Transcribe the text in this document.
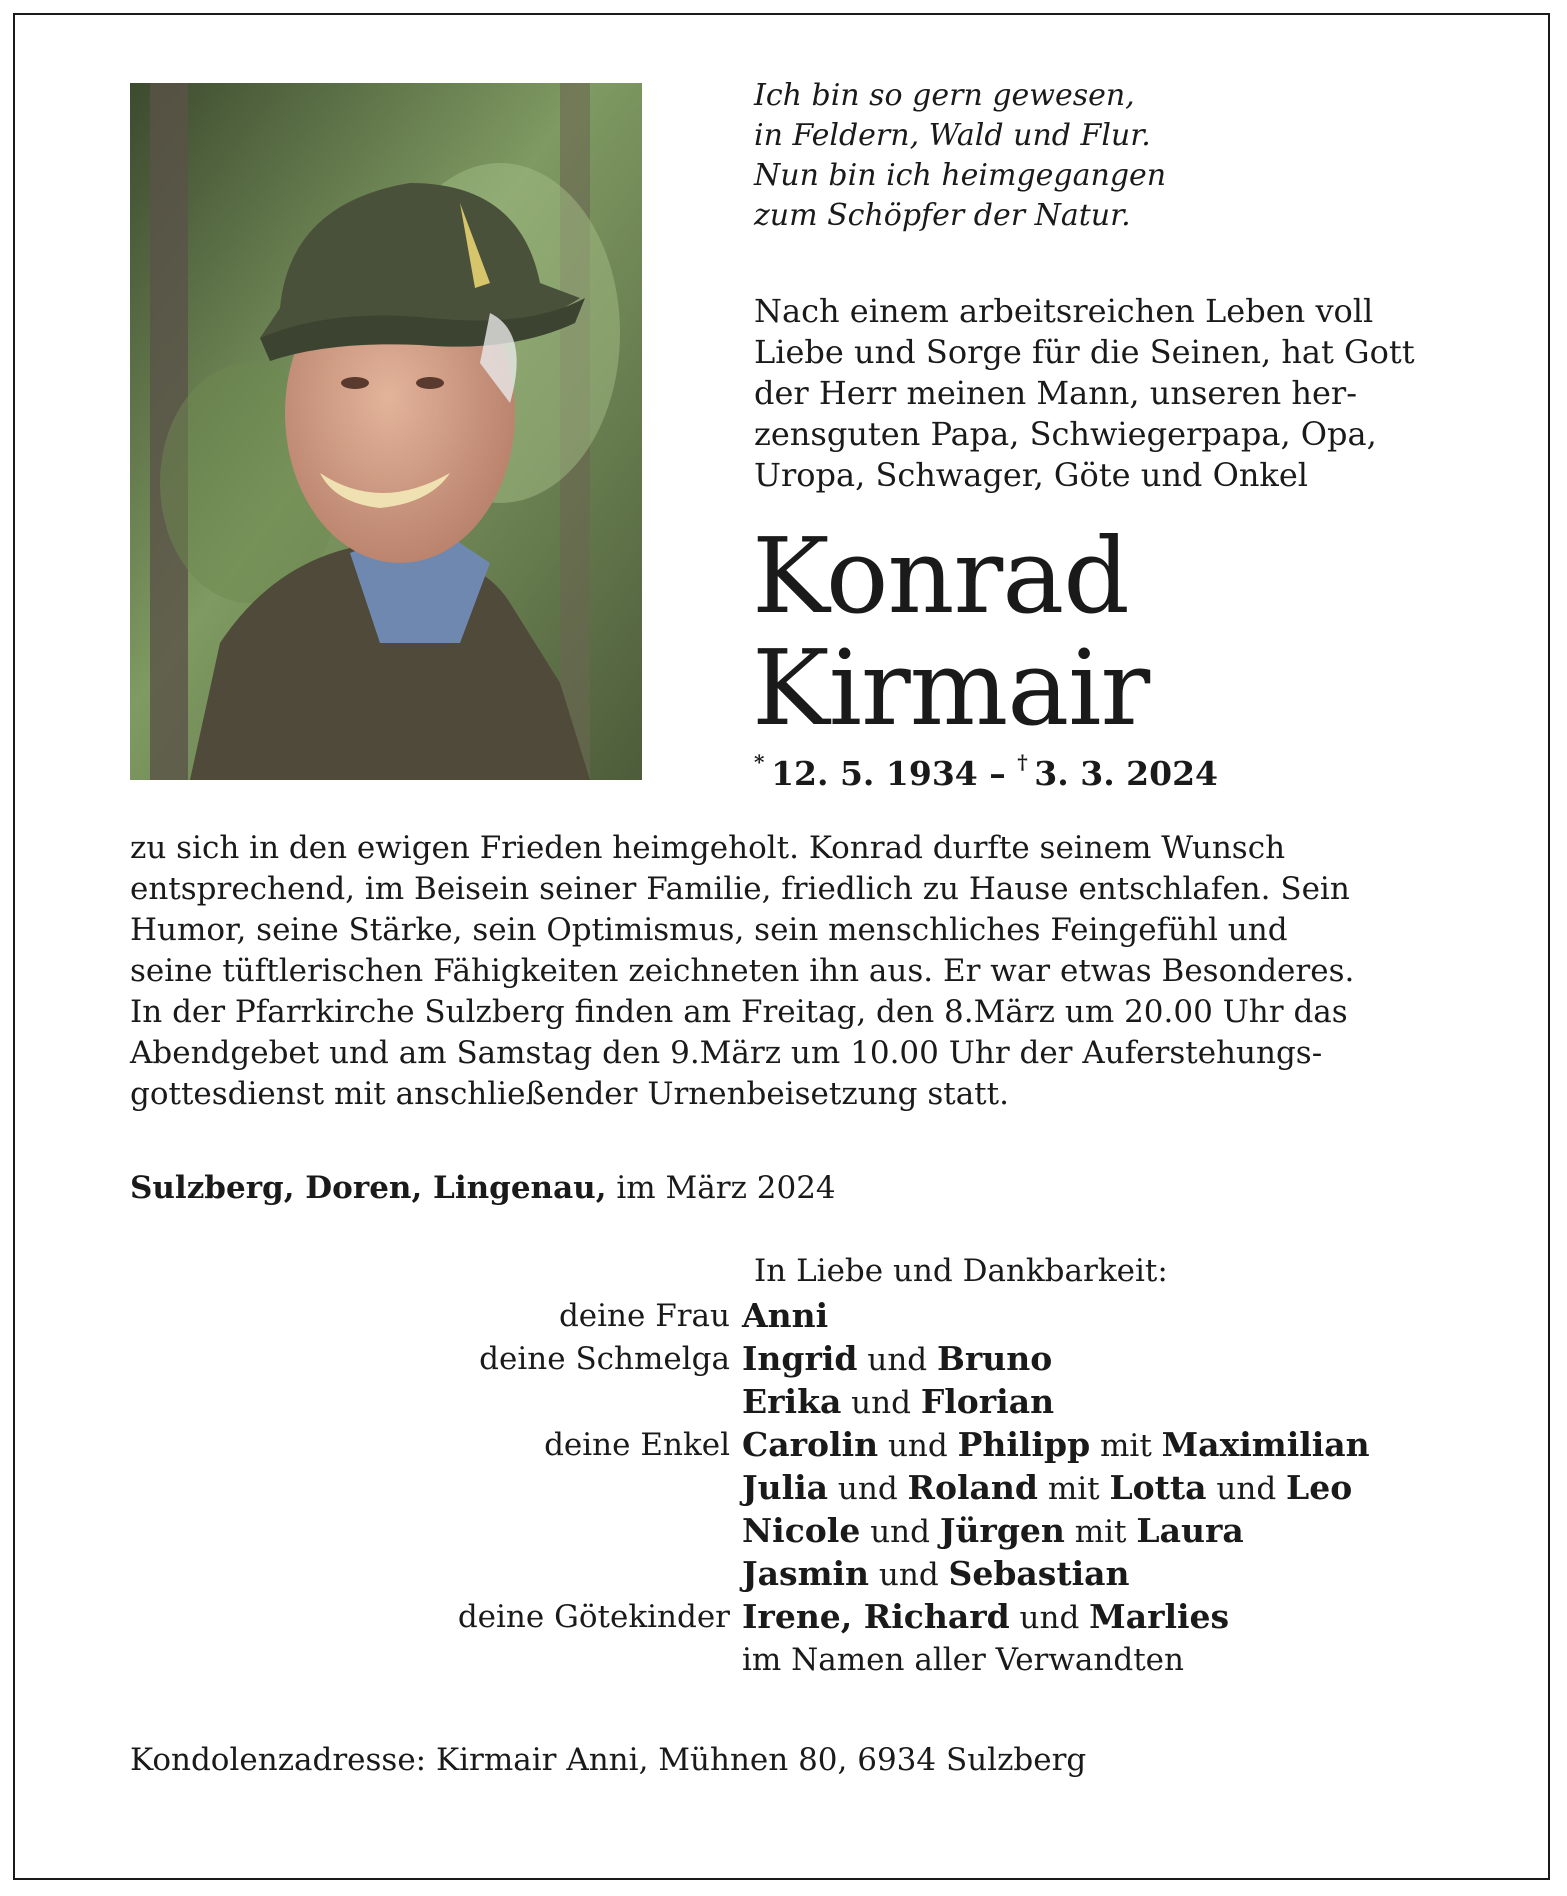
Ich bin so gern gewesen,
in Feldern, Wald und Flur.
Nun bin ich heimgegangen
zum Schöpfer der Natur.
Nach einem arbeitsreichen Leben voll
Liebe und Sorge für die Seinen, hat Gott
der Herr meinen Mann, unseren her-
zensguten Papa, Schwiegerpapa, Opa,
Uropa, Schwager, Göte und Onkel
Konrad
Kirmair
*  12. 5. 1934 – †  3. 3. 2024
zu sich in den ewigen Frieden heimgeholt. Konrad durfte seinem Wunsch
entsprechend, im Beisein seiner Familie, friedlich zu Hause entschlafen. Sein
Humor, seine Stärke, sein Optimismus, sein menschliches Feingefühl und
seine tüftlerischen Fähigkeiten zeichneten ihn aus. Er war etwas Besonderes.
In der Pfarrkirche Sulzberg finden am Freitag, den 8.März um 20.00 Uhr das
Abendgebet und am Samstag den 9.März um 10.00 Uhr der Auferstehungs-
gottesdienst mit anschließender Urnenbeisetzung statt.
Sulzberg, Doren, Lingenau, im März 2024
In Liebe und Dankbarkeit:
deine Frau Anni
deine Schmelga Ingrid und Bruno
Erika und Florian
deine Enkel Carolin und Philipp mit Maximilian
Julia und Roland mit Lotta und Leo
Nicole und Jürgen mit Laura
Jasmin und Sebastian
deine Götekinder Irene, Richard und Marlies
im Namen aller Verwandten
Kondolenzadresse: Kirmair Anni, Mühnen 80, 6934 Sulzberg
